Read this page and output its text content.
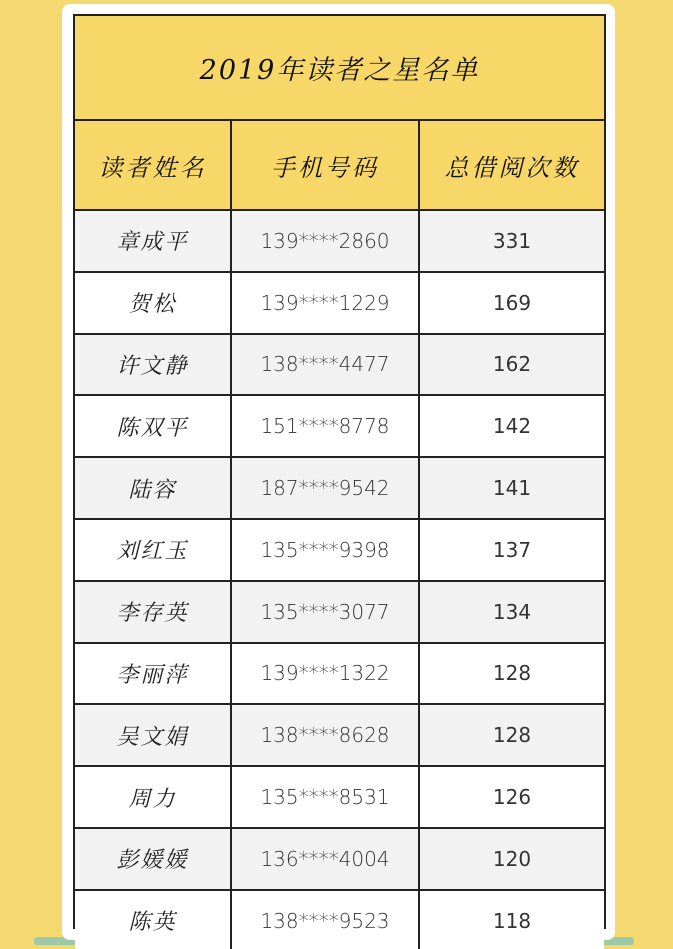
2019年读者之星名单
读者姓名	手机号码	总借阅次数
章成平	139****2860	331
贺松	139****1229	169
许文静	138****4477	162
陈双平	151****8778	142
陆容	187****9542	141
刘红玉	135****9398	137
李存英	135****3077	134
李丽萍	139****1322	128
吴文娟	138****8628	128
周力	135****8531	126
彭媛媛	136****4004	120
陈英	138****9523	118
